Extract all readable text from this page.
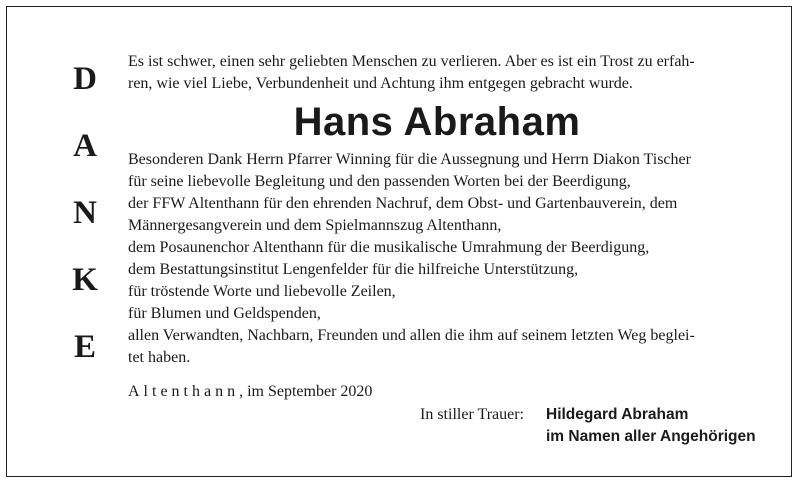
D
A
N
K
E

Es ist schwer, einen sehr geliebten Menschen zu verlieren. Aber es ist ein Trost zu erfah-

ren, wie viel Liebe, Verbundenheit und Achtung ihm entgegen gebracht wurde.

Hans Abraham

Besonderen Dank Herrn Pfarrer Winning für die Aussegnung und Herrn Diakon Tischer

für seine liebevolle Begleitung und den passenden Worten bei der Beerdigung,

der FFW Altenthann für den ehrenden Nachruf, dem Obst- und Gartenbauverein, dem

Männergesangverein und dem Spielmannszug Altenthann,

dem Posaunenchor Altenthann für die musikalische Umrahmung der Beerdigung,

dem Bestattungsinstitut Lengenfelder für die hilfreiche Unterstützung,

für tröstende Worte und liebevolle Zeilen,

für Blumen und Geldspenden,

allen Verwandten, Nachbarn, Freunden und allen die ihm auf seinem letzten Weg beglei-

tet haben.

Altenthann, im September 2020
In stiller Trauer:	Hildegard Abraham
im Namen aller Angehörigen
